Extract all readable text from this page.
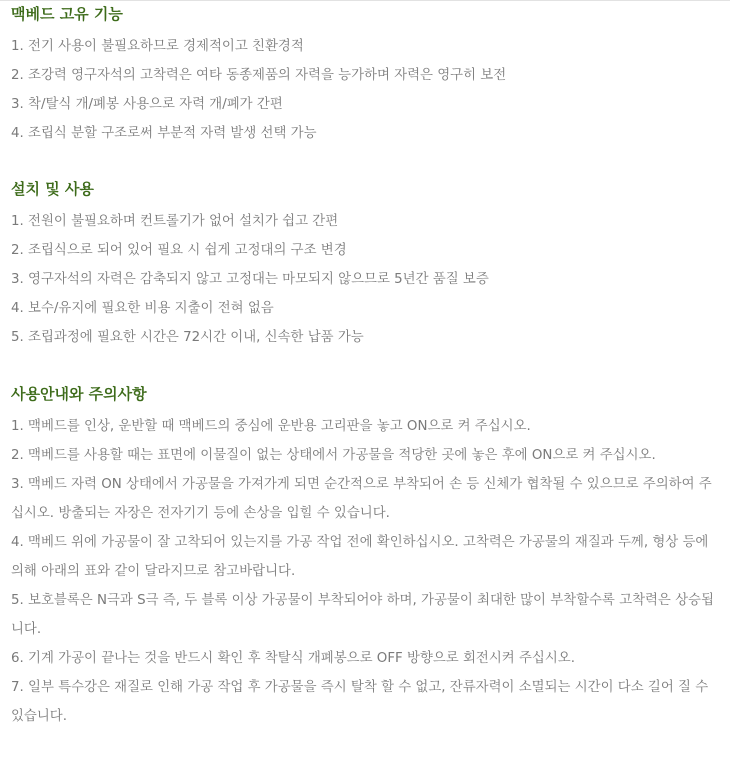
맥베드 고유 기능

1. 전기 사용이 불필요하므로 경제적이고 친환경적

2. 조강력 영구자석의 고착력은 여타 동종제품의 자력을 능가하며 자력은 영구히 보전

3. 착/탈식 개/폐봉 사용으로 자력 개/폐가 간편

4. 조립식 분할 구조로써 부분적 자력 발생 선택 가능

설치 및 사용

1. 전원이 불필요하며 컨트롤기가 없어 설치가 쉽고 간편

2. 조립식으로 되어 있어 필요 시 쉽게 고정대의 구조 변경

3. 영구자석의 자력은 감축되지 않고 고정대는 마모되지 않으므로 5년간 품질 보증

4. 보수/유지에 필요한 비용 지출이 전혀 없음

5. 조립과정에 필요한 시간은 72시간 이내, 신속한 납품 가능

사용안내와 주의사항

1. 맥베드를 인상, 운반할 때 맥베드의 중심에 운반용 고리판을 놓고 ON으로 켜 주십시오.

2. 맥베드를 사용할 때는 표면에 이물질이 없는 상태에서 가공물을 적당한 곳에 놓은 후에 ON으로 켜 주십시오.

3. 맥베드 자력 ON 상태에서 가공물을 가져가게 되면 순간적으로 부착되어 손 등 신체가 협착될 수 있으므로 주의하여 주십시오. 방출되는 자장은 전자기기 등에 손상을 입힐 수 있습니다.

4. 맥베드 위에 가공물이 잘 고착되어 있는지를 가공 작업 전에 확인하십시오. 고착력은 가공물의 재질과 두께, 형상 등에 의해 아래의 표와 같이 달라지므로 참고바랍니다.

5. 보호블록은 N극과 S극 즉, 두 블록 이상 가공물이 부착되어야 하며, 가공물이 최대한 많이 부착할수록 고착력은 상승됩니다.

6. 기계 가공이 끝나는 것을 반드시 확인 후 착탈식 개폐봉으로 OFF 방향으로 회전시켜 주십시오.

7. 일부 특수강은 재질로 인해 가공 작업 후 가공물을 즉시 탈착 할 수 없고, 잔류자력이 소멸되는 시간이 다소 길어 질 수 있습니다.
